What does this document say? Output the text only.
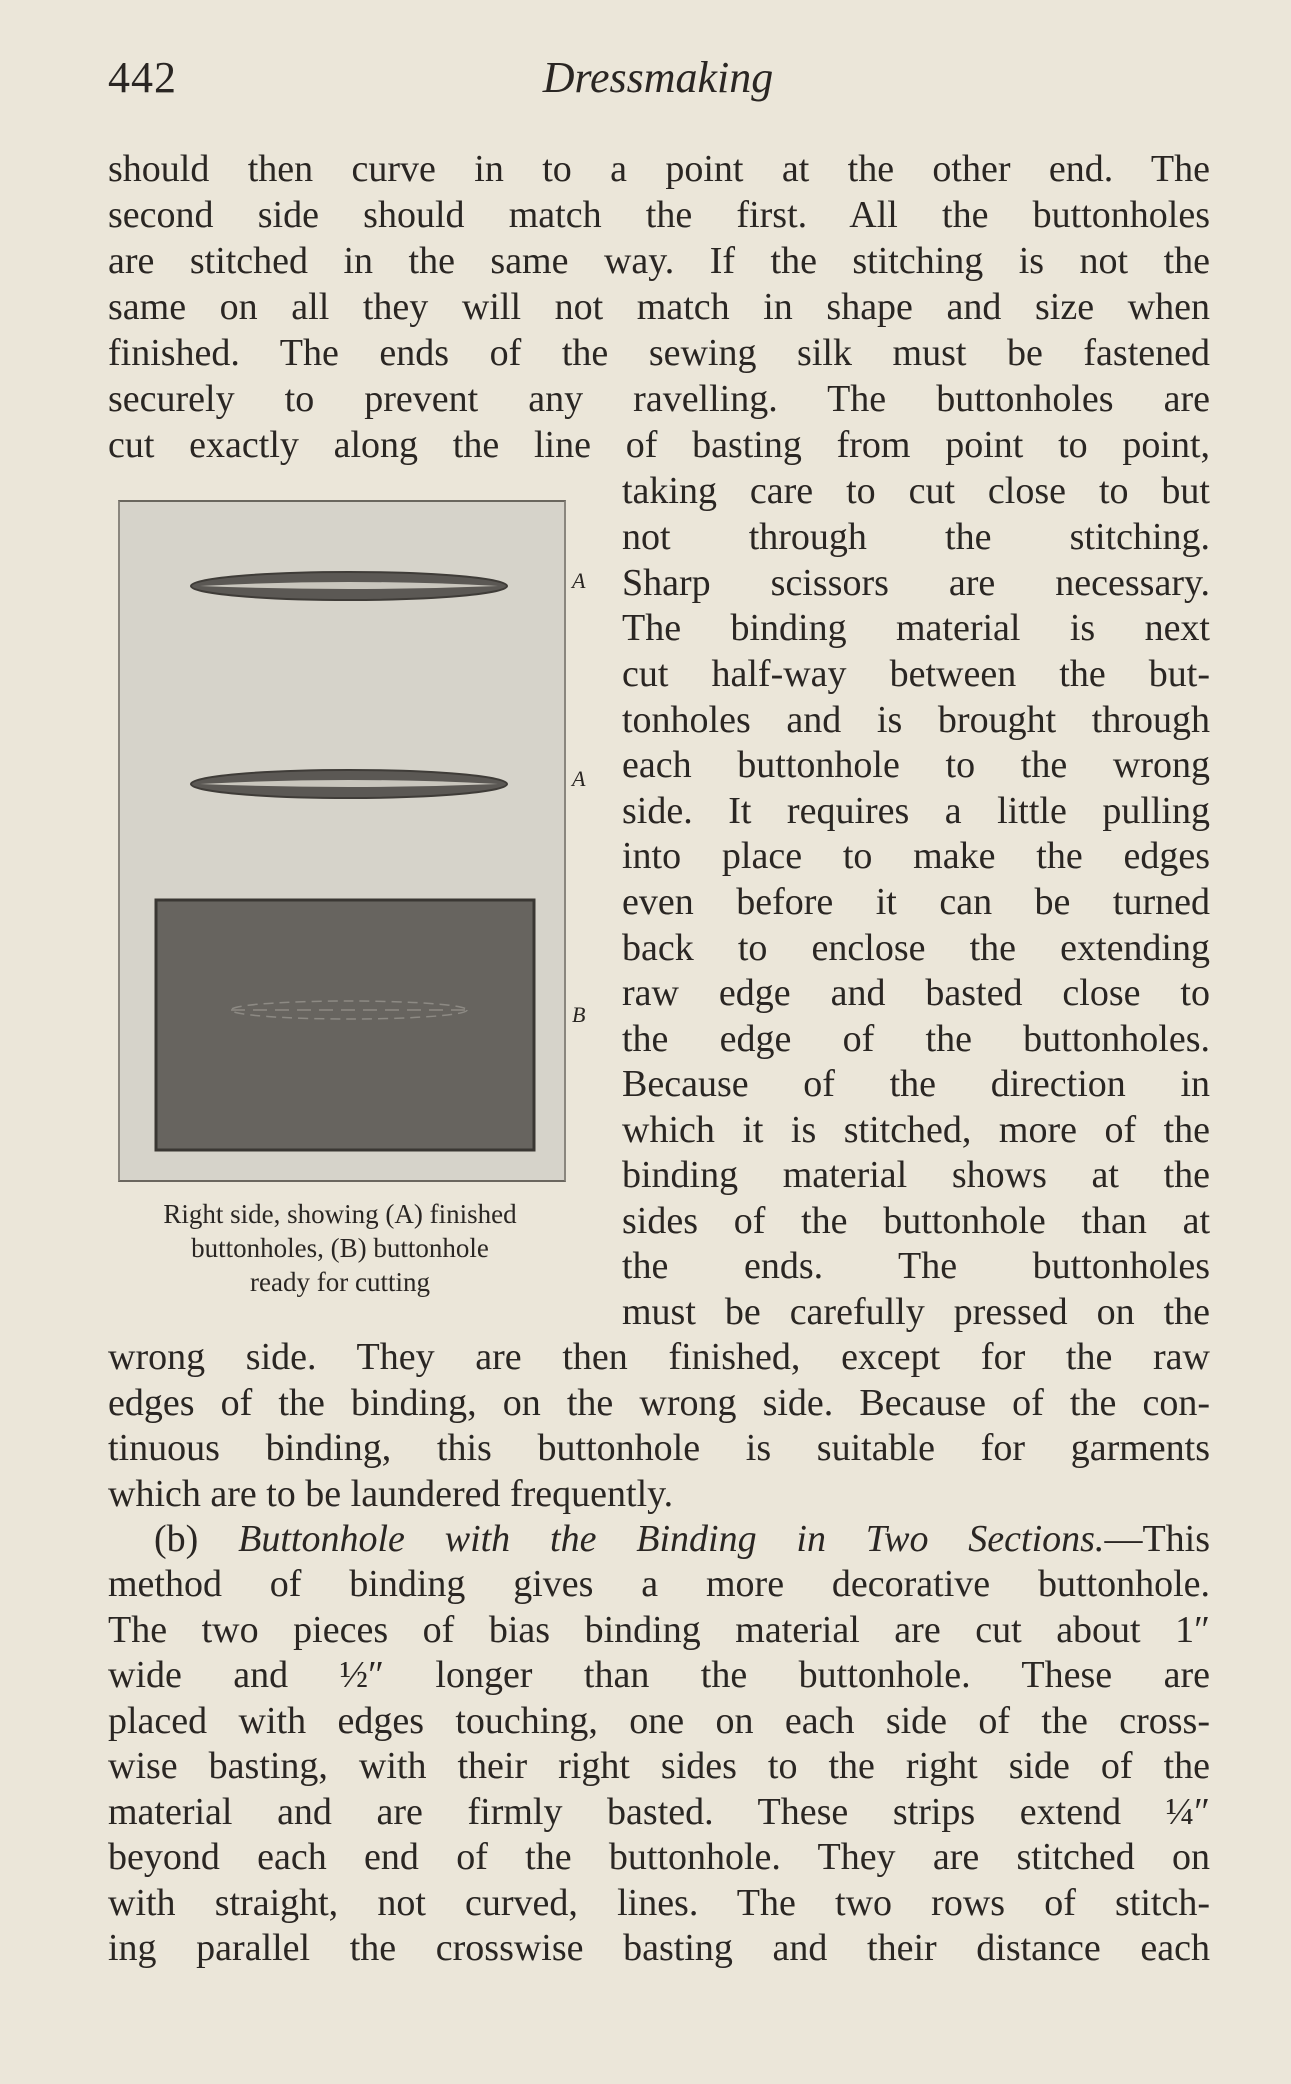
442	Dressmaking
should then curve in to a point at the other end. The
second side should match the first. All the buttonholes
are stitched in the same way. If the stitching is not the
same on all they will not match in shape and size when
finished. The ends of the sewing silk must be fastened
securely to prevent any ravelling. The buttonholes are
cut exactly along the line of basting from point to point,
taking care to cut close to but
not through the stitching.
Sharp scissors are necessary.
The binding material is next
cut half-way between the but-
tonholes and is brought through
each buttonhole to the wrong
side. It requires a little pulling
into place to make the edges
even before it can be turned
back to enclose the extending
raw edge and basted close to
the edge of the buttonholes.
Because of the direction in
which it is stitched, more of the
binding material shows at the
sides of the buttonhole than at
the ends. The buttonholes
must be carefully pressed on the
wrong side. They are then finished, except for the raw
edges of the binding, on the wrong side. Because of the con-
tinuous binding, this buttonhole is suitable for garments
which are to be laundered frequently.
(b) Buttonhole with the Binding in Two Sections.—This
method of binding gives a more decorative buttonhole.
The two pieces of bias binding material are cut about 1″
wide and ½″ longer than the buttonhole. These are
placed with edges touching, one on each side of the cross-
wise basting, with their right sides to the right side of the
material and are firmly basted. These strips extend ¼″
beyond each end of the buttonhole. They are stitched on
with straight, not curved, lines. The two rows of stitch-
ing parallel the crosswise basting and their distance each
A
A
B
Right side, showing (A) finished
buttonholes, (B) buttonhole
ready for cutting
